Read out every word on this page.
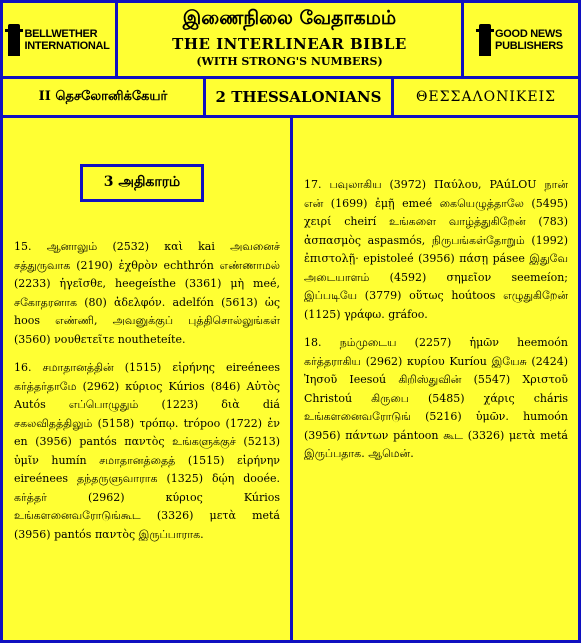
BELLWETHER
INTERNATIONAL
இணைநிலை வேதாகமம்
THE INTERLINEAR BIBLE
(WITH STRONG'S NUMBERS)
GOOD NEWS
PUBLISHERS
II தெசலோனிக்கேயர்	2 THESSALONIANS	ΘΕΣΣΑΛΟΝΙΚΕΙΣ
3 அதிகாரம்

15. ஆனாலும் (2532) καὶ kai அவனைச் சத்துருவாக (2190) ἐχθρὸν echthrón எண்ணாமல் (2233) ἡγεῖσθε, heegeísthe (3361) μὴ meé, சகோதரனாக (80) ἀδελφόν. adelfón (5613) ὡς hoos எண்ணி, அவனுக்குப் புத்திசொல்லுங்கள் (3560) νουθετεῖτε noutheteíte.

16. சமாதானத்தின் (1515) εἰρήνης eireénees கர்த்தர்தாமே (2962) κύριος Kúrios (846) Αὐτὸς Autós எப்பொழுதும் (1223) διὰ diá சகலவிதத்திலும் (5158) τρόπῳ. trópoo (1722) ἐν en (3956) pantós παντὸς உங்களுக்குச் (5213) ὑμῖν humín சமாதானத்தைத் (1515) εἰρήνην eireénees தந்தருளுவாராக (1325) δῴη dooée. கர்த்தர் (2962) κύριος Kúrios உங்களனைவரோடுங்கூட (3326) μετὰ metá (3956) pantós παντὸς இருப்பாராக.

17. பவுலாகிய (3972) Παύλου, PAúLOU நான் என் (1699) ἐμῇ emeé கையெழுத்தாலே (5495) χειρί cheirí உங்களை வாழ்த்துகிறேன் (783) ἀσπασμὸς aspasmós, நிருபங்கள்தோறும் (1992) ἐπιστολῇ· epistoleé (3956) πάσῃ pásee இதுவே அடையாளம் (4592) σημεῖον seemeíon; இப்படியே (3779) οὕτως hoútoos எழுதுகிறேன் (1125) γράφω. gráfoo.

18. நம்முடைய (2257) ἡμῶν heemoón கர்த்தராகிய (2962) κυρίου Kuríou இயேசு (2424) Ἰησοῦ Ieesoú கிறிஸ்துவின் (5547) Χριστοῦ Christoú கிருபை (5485) χάρις cháris உங்களனைவரோடுங் (5216) ὑμῶν. humoón (3956) πάντων pántoon கூட (3326) μετὰ metá இருப்பதாக. ஆமென்.
